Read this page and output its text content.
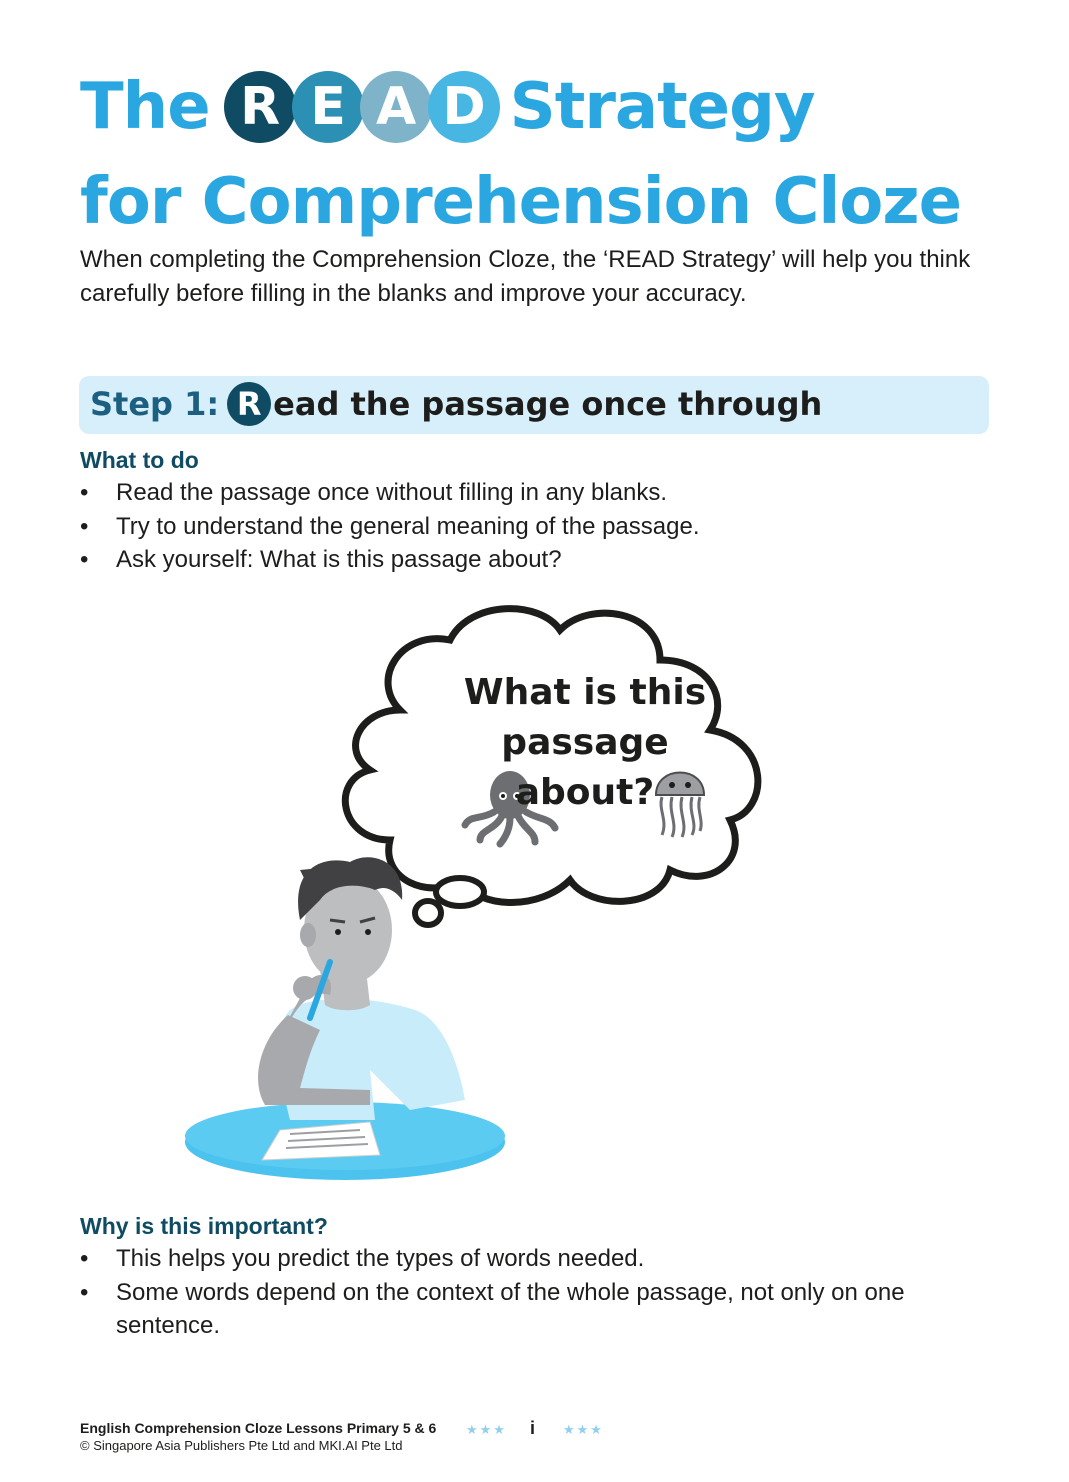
The R E A D Strategy
for Comprehension Cloze
When completing the Comprehension Cloze, the ‘READ Strategy’ will help you think carefully before filling in the blanks and improve your accuracy.
Step 1: R ead the passage once through
What to do
• Read the passage once without filling in any blanks.
• Try to understand the general meaning of the passage.
• Ask yourself: What is this passage about?
What is this
passage about?
Why is this important?
• This helps you predict the types of words needed.
• Some words depend on the context of the whole passage, not only on one sentence.
English Comprehension Cloze Lessons Primary 5 & 6
© Singapore Asia Publishers Pte Ltd and MKI.AI Pte Ltd
★★★ i ★★★
